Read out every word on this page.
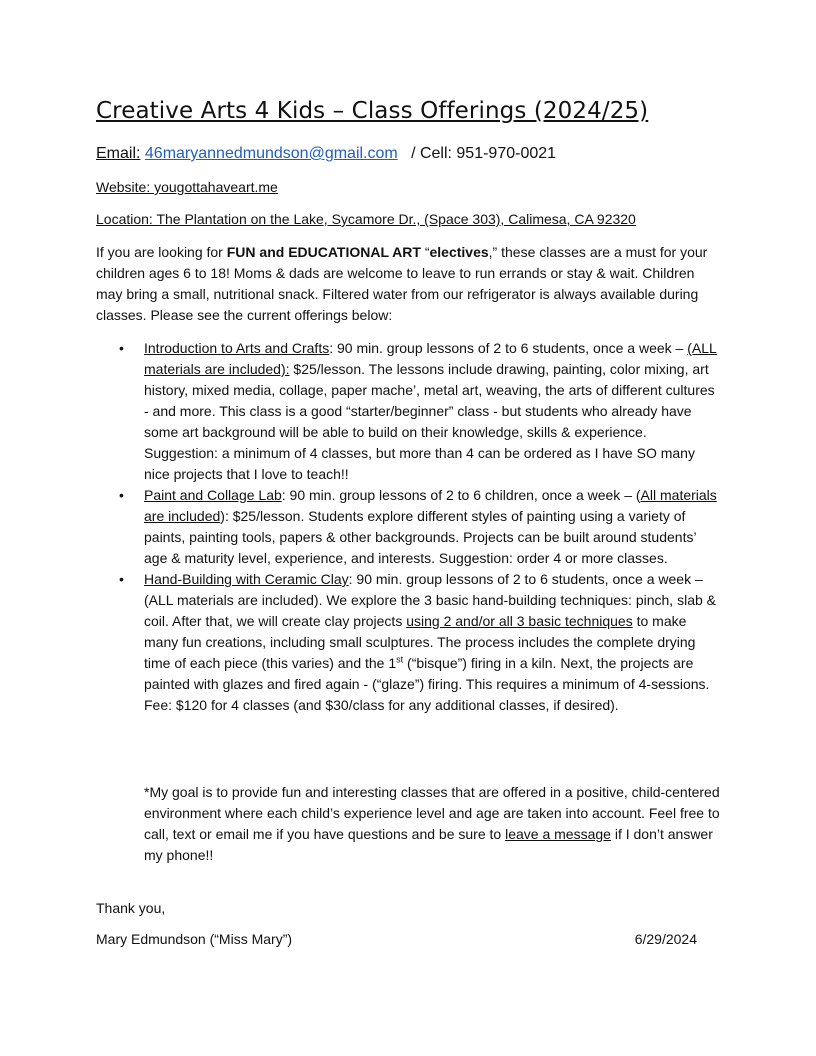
Creative Arts 4 Kids – Class Offerings (2024/25)
Email: 46maryannedmundson@gmail.com / Cell: 951-970-0021
Website: yougottahaveart.me
Location: The Plantation on the Lake, Sycamore Dr., (Space 303), Calimesa, CA 92320
If you are looking for FUN and EDUCATIONAL ART “electives,” these classes are a must for your children ages 6 to 18! Moms & dads are welcome to leave to run errands or stay & wait. Children may bring a small, nutritional snack. Filtered water from our refrigerator is always available during classes. Please see the current offerings below:
• Introduction to Arts and Crafts: 90 min. group lessons of 2 to 6 students, once a week – (ALL materials are included): $25/lesson. The lessons include drawing, painting, color mixing, art history, mixed media, collage, paper mache’, metal art, weaving, the arts of different cultures - and more. This class is a good “starter/beginner” class - but students who already have some art background will be able to build on their knowledge, skills & experience. Suggestion: a minimum of 4 classes, but more than 4 can be ordered as I have SO many nice projects that I love to teach!!
• Paint and Collage Lab: 90 min. group lessons of 2 to 6 children, once a week – (All materials are included): $25/lesson. Students explore different styles of painting using a variety of paints, painting tools, papers & other backgrounds. Projects can be built around students’ age & maturity level, experience, and interests. Suggestion: order 4 or more classes.
• Hand-Building with Ceramic Clay: 90 min. group lessons of 2 to 6 students, once a week – (ALL materials are included). We explore the 3 basic hand-building techniques: pinch, slab & coil. After that, we will create clay projects using 2 and/or all 3 basic techniques to make many fun creations, including small sculptures. The process includes the complete drying time of each piece (this varies) and the 1st (“bisque”) firing in a kiln. Next, the projects are painted with glazes and fired again - (“glaze”) firing. This requires a minimum of 4-sessions. Fee: $120 for 4 classes (and $30/class for any additional classes, if desired).
*My goal is to provide fun and interesting classes that are offered in a positive, child-centered environment where each child’s experience level and age are taken into account. Feel free to call, text or email me if you have questions and be sure to leave a message if I don’t answer my phone!!
Thank you,
Mary Edmundson (“Miss Mary”)	6/29/2024
